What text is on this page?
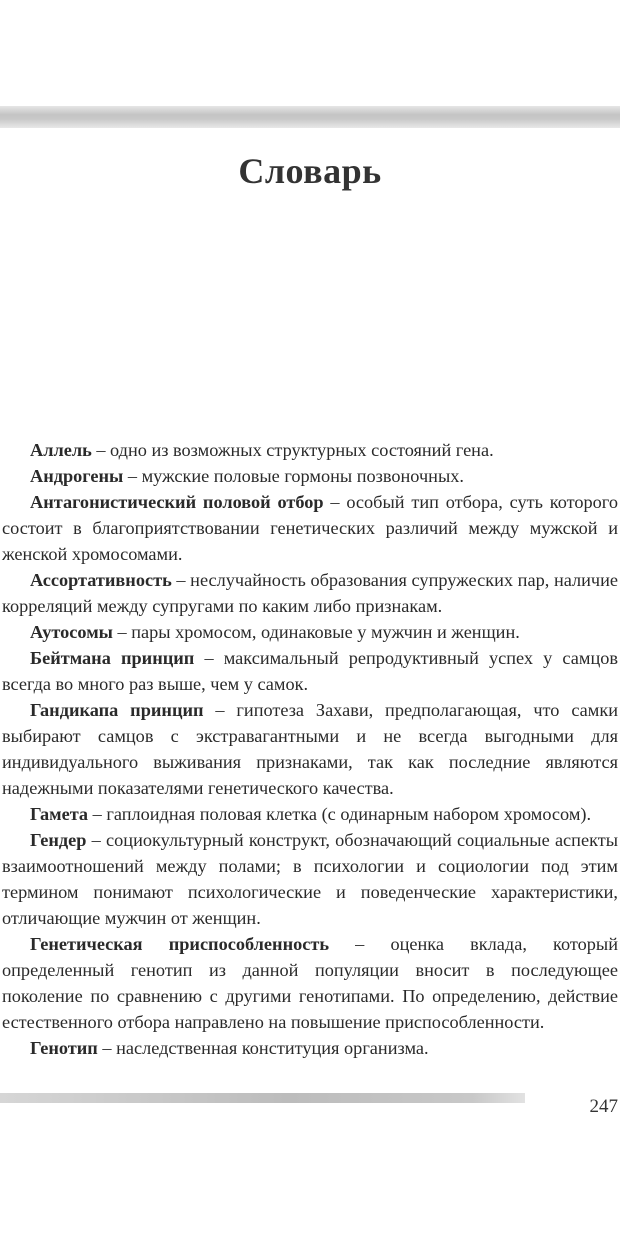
Словарь

Аллель – одно из возможных структурных состояний гена.

Андрогены – мужские половые гормоны позвоночных.

Антагонистический половой отбор – особый тип отбора, суть которого состоит в благоприятствовании генетических различий между мужской и женской хромосомами.

Ассортативность – неслучайность образования супружеских пар, наличие корреляций между супругами по каким либо признакам.

Аутосомы – пары хромосом, одинаковые у мужчин и женщин.

Бейтмана принцип – максимальный репродуктивный успех у самцов всегда во много раз выше, чем у самок.

Гандикапа принцип – гипотеза Захави, предполагающая, что самки выбирают самцов с экстравагантными и не всегда выгодными для индивидуального выживания признаками, так как последние являются надежными показателями генетического качества.

Гамета – гаплоидная половая клетка (с одинарным набором хромосом).

Гендер – социокультурный конструкт, обозначающий социальные аспекты взаимоотношений между полами; в психологии и социологии под этим термином понимают психологические и поведенческие характеристики, отличающие мужчин от женщин.

Генетическая приспособленность – оценка вклада, который определенный генотип из данной популяции вносит в последующее поколение по сравнению с другими генотипами. По определению, действие естественного отбора направлено на повышение приспособленности.

Генотип – наследственная конституция организма.

247
